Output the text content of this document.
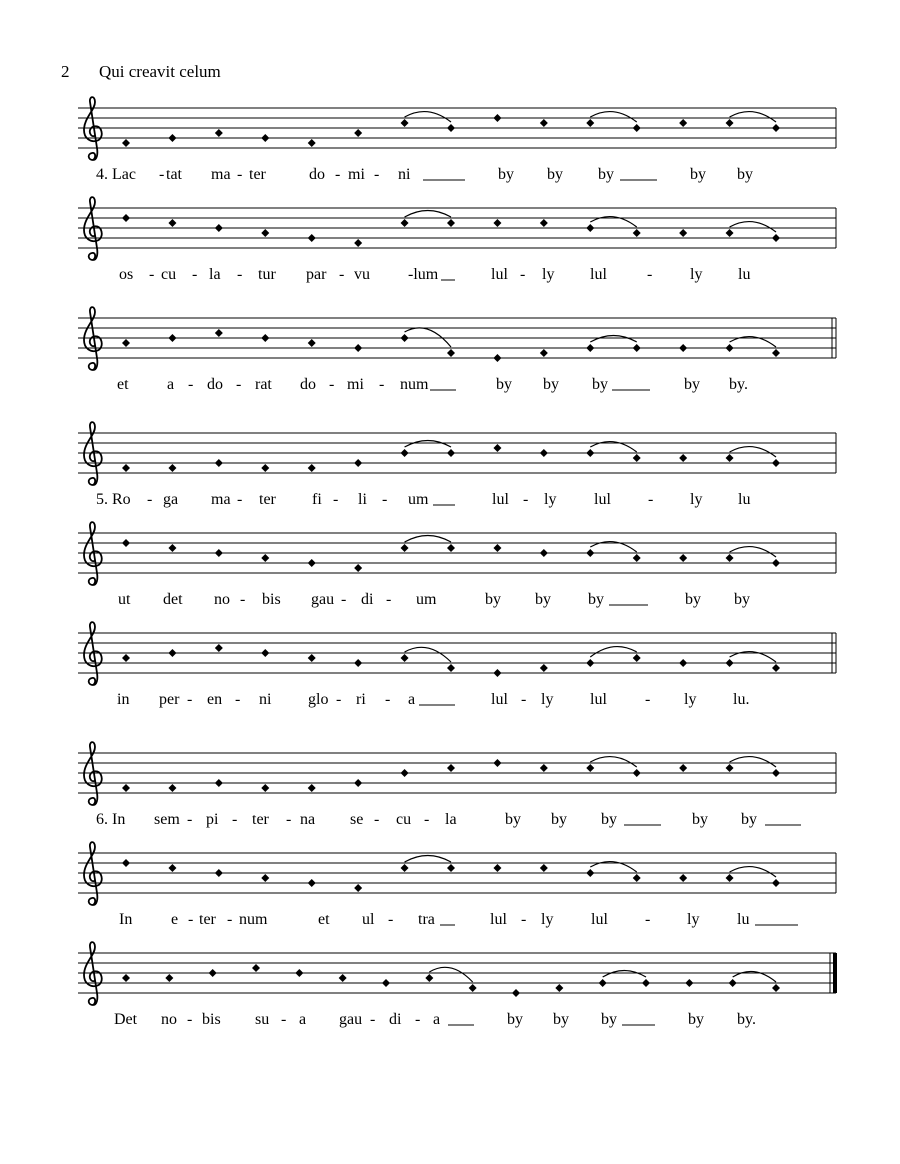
2 Qui creavit celum
4. Lac - tat ma - ter	do - mi - ni	by by by	by by
os - cu - la - tur par - vu -lum	lul - ly lul	- ly lu
et a - do - rat do - mi - num	by by by	by by.
5. Ro - ga ma - ter fi - li - um	lul - ly lul - ly lu
ut det no - bis gau - di - um	by by by	by by
in per - en - ni glo - ri - a	lul - ly lul - ly lu.
6. In sem - pi - ter - na se - cu - la	by by by	by by
In e - ter - num	et ul - tra	lul - ly lul - ly lu
Det no - bis su - a gau - di - a	by by by	by by.
